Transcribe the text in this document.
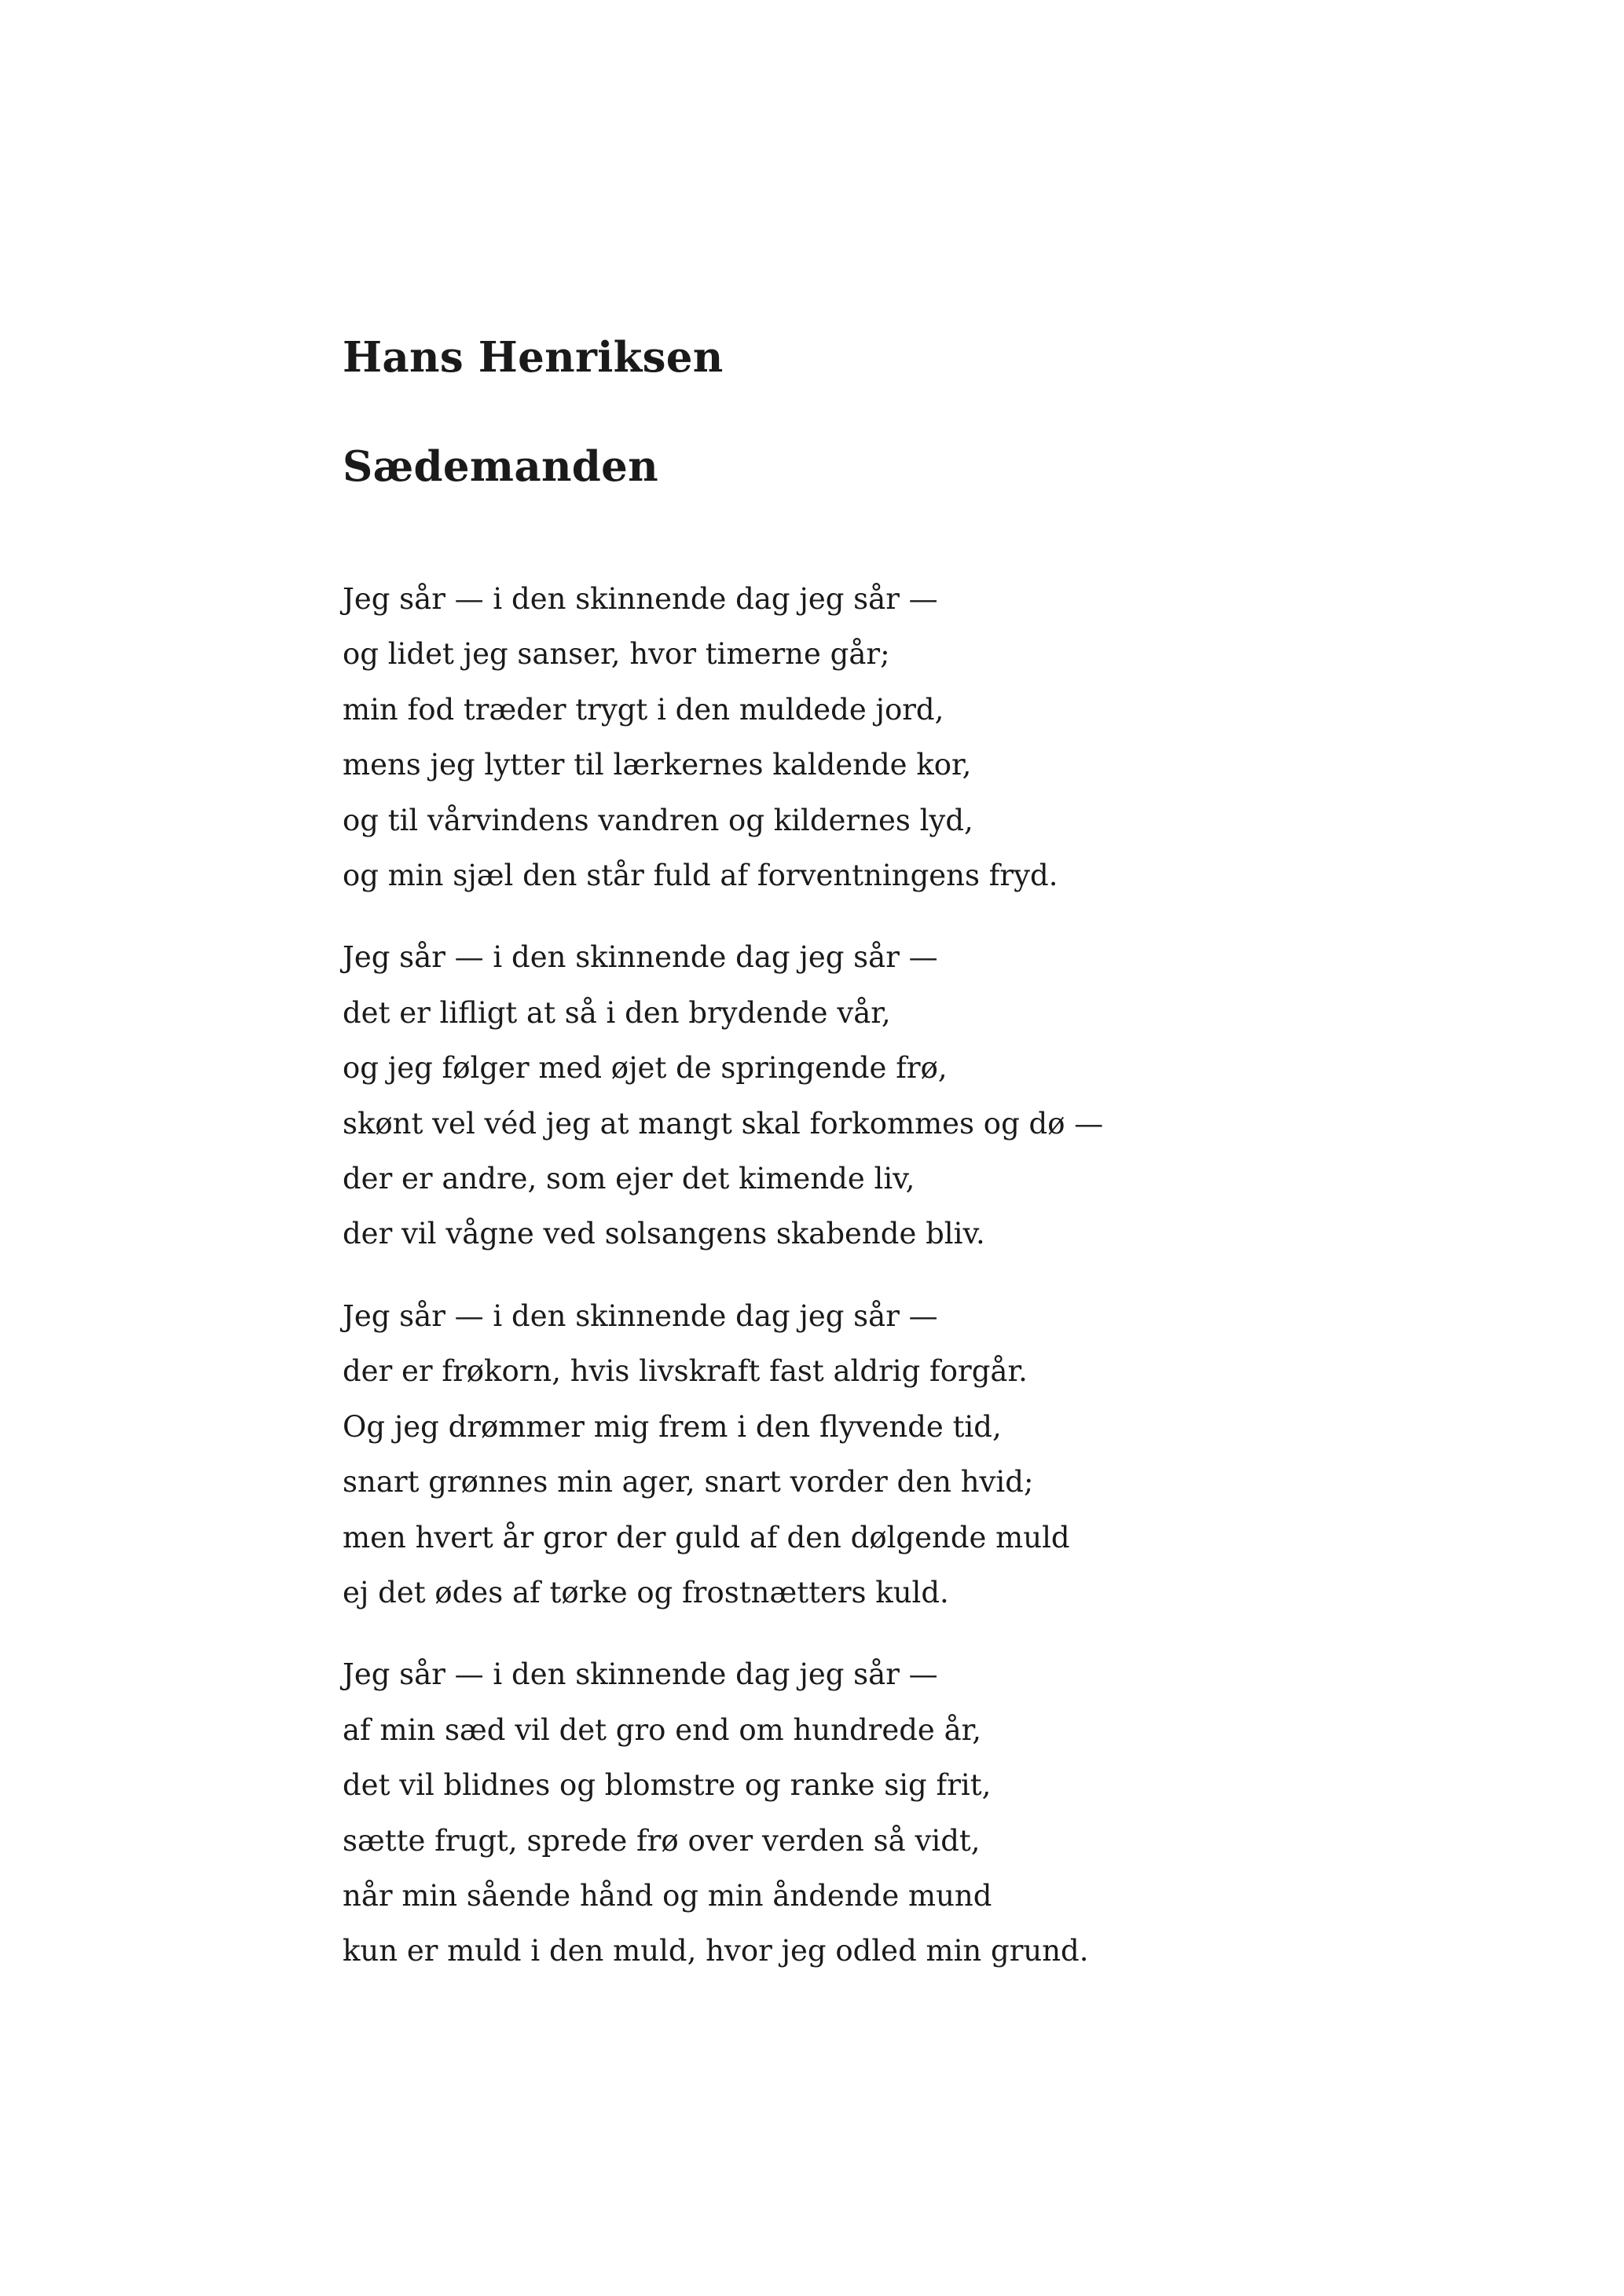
Hans Henriksen
Sædemanden
Jeg sår — i den skinnende dag jeg sår —
og lidet jeg sanser, hvor timerne går;
min fod træder trygt i den muldede jord,
mens jeg lytter til lærkernes kaldende kor,
og til vårvindens vandren og kildernes lyd,
og min sjæl den står fuld af forventningens fryd.
Jeg sår — i den skinnende dag jeg sår —
det er lifligt at så i den brydende vår,
og jeg følger med øjet de springende frø,
skønt vel véd jeg at mangt skal forkommes og dø —
der er andre, som ejer det kimende liv,
der vil vågne ved solsangens skabende bliv.
Jeg sår — i den skinnende dag jeg sår —
der er frøkorn, hvis livskraft fast aldrig forgår.
Og jeg drømmer mig frem i den flyvende tid,
snart grønnes min ager, snart vorder den hvid;
men hvert år gror der guld af den dølgende muld
ej det ødes af tørke og frostnætters kuld.
Jeg sår — i den skinnende dag jeg sår —
af min sæd vil det gro end om hundrede år,
det vil blidnes og blomstre og ranke sig frit,
sætte frugt, sprede frø over verden så vidt,
når min sående hånd og min åndende mund
kun er muld i den muld, hvor jeg odled min grund.
